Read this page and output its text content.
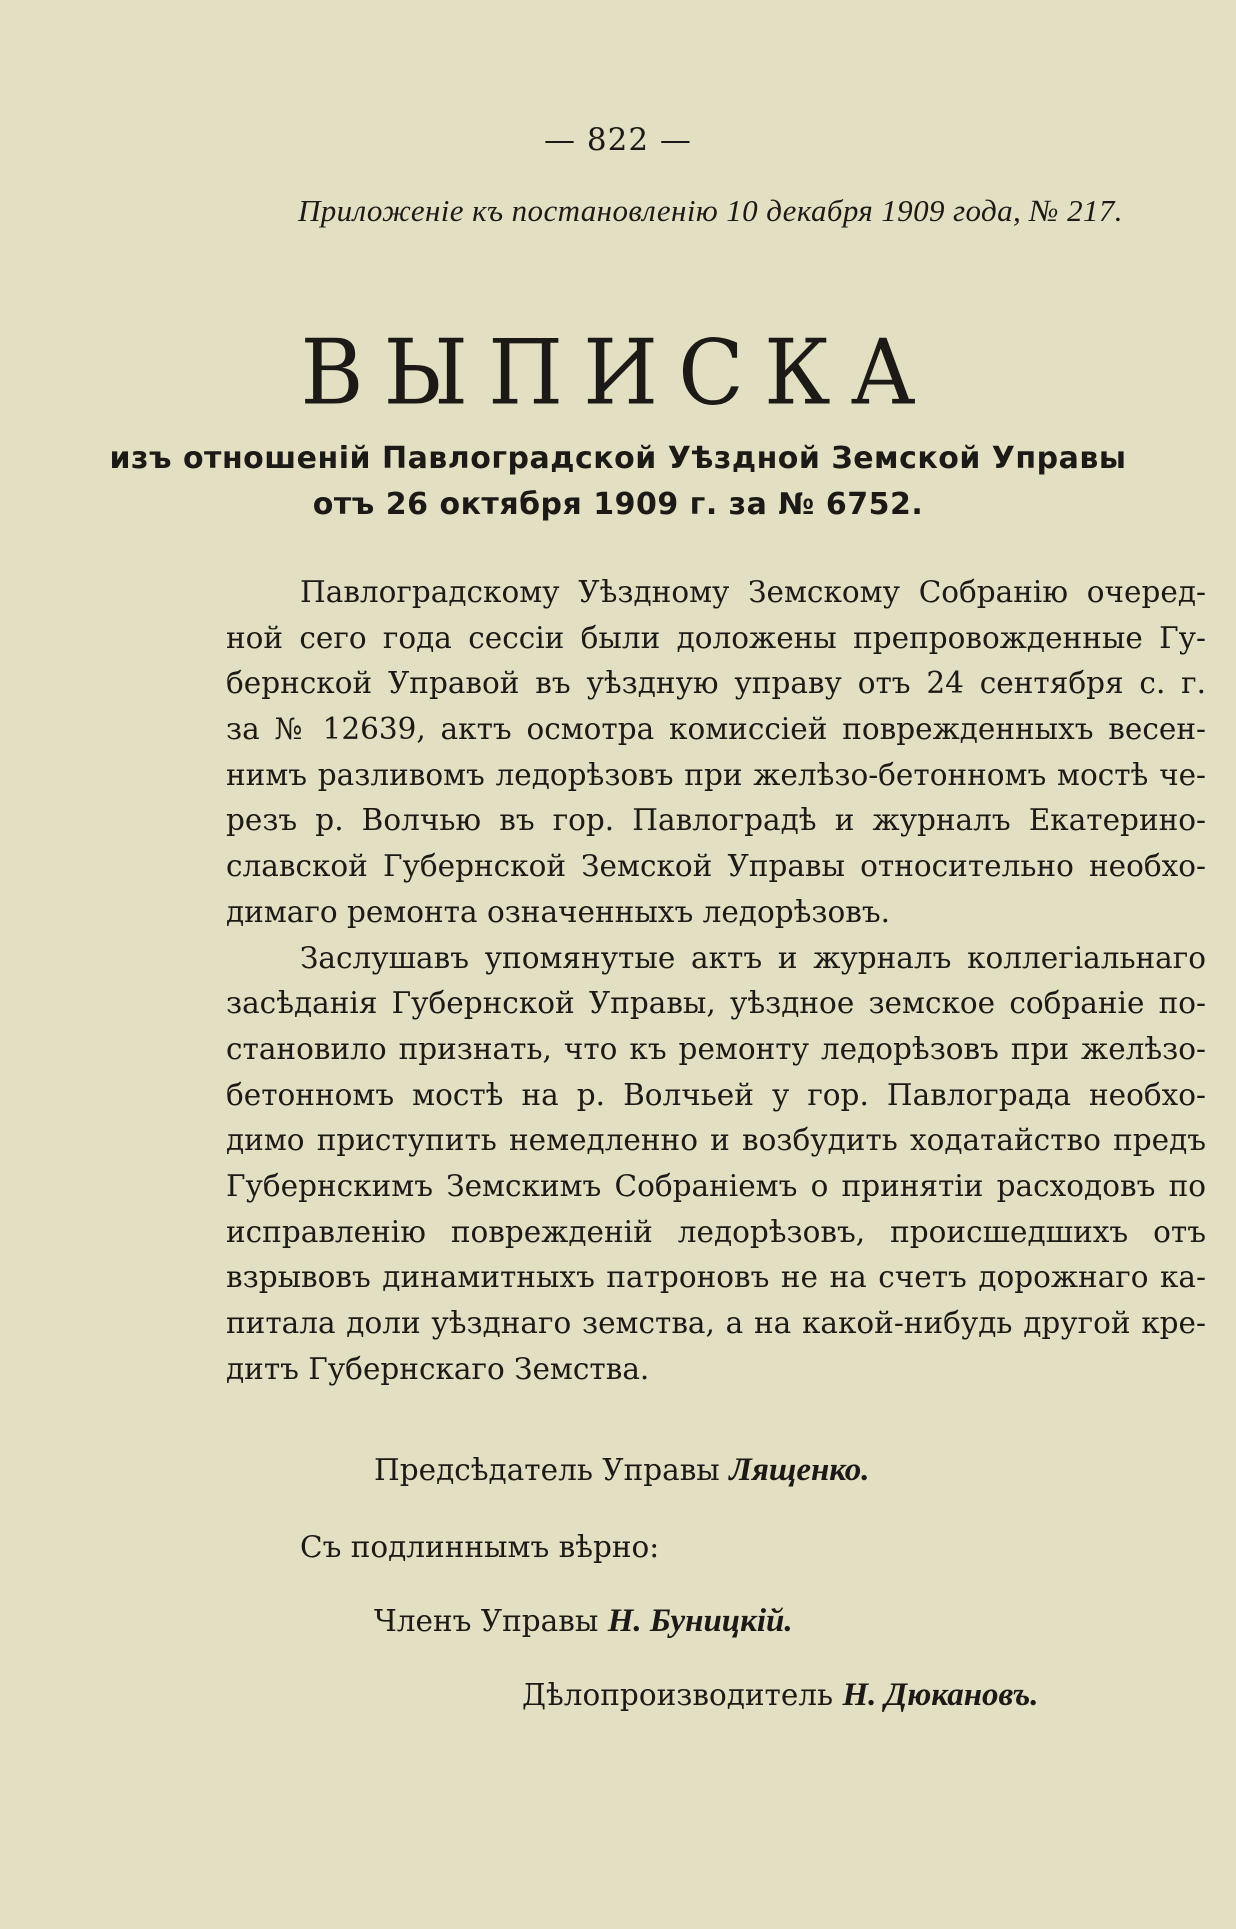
— 822 —
Приложеніе къ постановленію 10 декабря 1909 года, № 217.
ВЫПИСКА
изъ отношеній Павлоградской Уѣздной Земской Управы
отъ 26 октября 1909 г. за № 6752.
Павлоградскому Уѣздному Земскому Собранію очеред-
ной сего года сессіи были доложены препровожденные Гу-
бернской Управой въ уѣздную управу отъ 24 сентября с. г.
за № 12639, актъ осмотра комиссіей поврежденныхъ весен-
нимъ разливомъ ледорѣзовъ при желѣзо-бетонномъ мостѣ че-
резъ р. Волчью въ гор. Павлоградѣ и журналъ Екатерино-
славской Губернской Земской Управы относительно необхо-
димаго ремонта означенныхъ ледорѣзовъ.
Заслушавъ упомянутые актъ и журналъ коллегіальнаго
засѣданія Губернской Управы, уѣздное земское собраніе по-
становило признать, что къ ремонту ледорѣзовъ при желѣзо-
бетонномъ мостѣ на р. Волчьей у гор. Павлограда необхо-
димо приступить немедленно и возбудить ходатайство предъ
Губернскимъ Земскимъ Собраніемъ о принятіи расходовъ по
исправленію поврежденій ледорѣзовъ, происшедшихъ отъ
взрывовъ динамитныхъ патроновъ не на счетъ дорожнаго ка-
питала доли уѣзднаго земства, а на какой-нибудь другой кре-
дитъ Губернскаго Земства.
Предсѣдатель Управы Лященко.
Съ подлиннымъ вѣрно:
Членъ Управы Н. Буницкій.
Дѣлопроизводитель Н. Дюкановъ.
